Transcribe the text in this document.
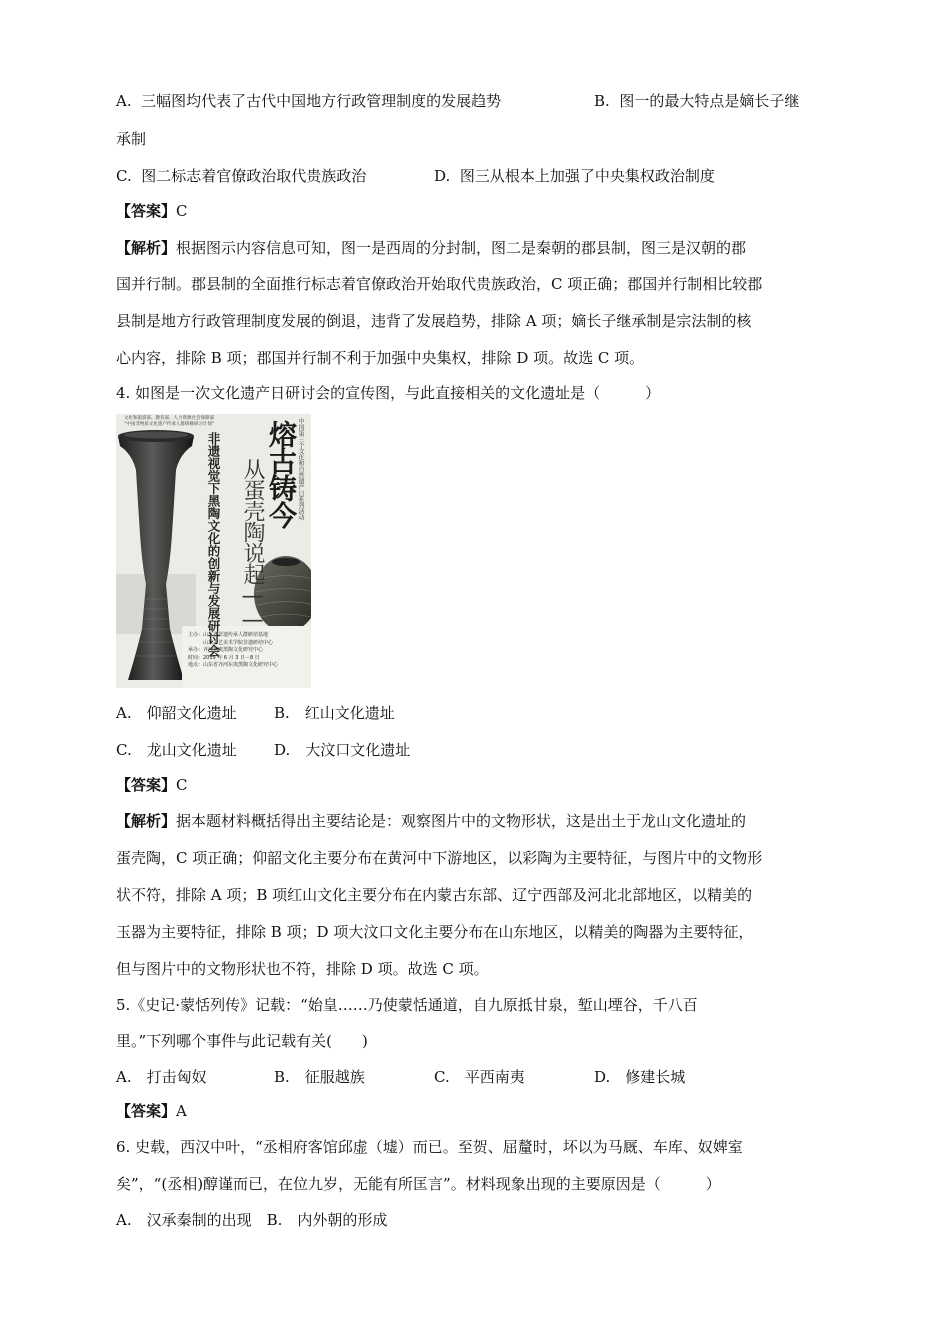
A. 三幅图均代表了古代中国地方行政管理制度的发展趋势	B. 图一的最大特点是嫡长子继
承制
C. 图二标志着官僚政治取代贵族政治	D. 图三从根本上加强了中央集权政治制度
【答案】C
【解析】根据图示内容信息可知，图一是西周的分封制，图二是秦朝的郡县制，图三是汉朝的郡
国并行制。郡县制的全面推行标志着官僚政治开始取代贵族政治，C 项正确；郡国并行制相比较郡
县制是地方行政管理制度发展的倒退，违背了发展趋势，排除 A 项；嫡长子继承制是宗法制的核
心内容，排除 B 项；郡国并行制不利于加强中央集权，排除 D 项。故选 C 项。
4. 如图是一次文化遗产日研讨会的宣传图，与此直接相关的文化遗址是（　　　）
文化和旅游部、教育部、人力资源社会保障部
“中国非物质文化遗产传承人群研修研习计划” 熔古铸今
从蛋壳陶说起——
非遗视觉下黑陶文化的创新与发展研讨会	中国第三个文化和自然遗产日系列活动
主办：山东省非遗传承人群研培基地
　　　山东工艺美术学院非遗研培中心
承办：齐河东夷黑陶文化研究中心
时间：2019 年 6 月 3 日－8 日
地点：山东省齐河东夷黑陶文化研究中心
A.　仰韶文化遗址 B.　红山文化遗址
C.　龙山文化遗址 D.　大汶口文化遗址
【答案】C
【解析】据本题材料概括得出主要结论是：观察图片中的文物形状，这是出土于龙山文化遗址的
蛋壳陶，C 项正确；仰韶文化主要分布在黄河中下游地区，以彩陶为主要特征，与图片中的文物形
状不符，排除 A 项；B 项红山文化主要分布在内蒙古东部、辽宁西部及河北北部地区，以精美的
玉器为主要特征，排除 B 项；D 项大汶口文化主要分布在山东地区，以精美的陶器为主要特征，
但与图片中的文物形状也不符，排除 D 项。故选 C 项。
5.《史记·蒙恬列传》记载：“始皇……乃使蒙恬通道，自九原抵甘泉，堑山堙谷，千八百
里。”下列哪个事件与此记载有关(　　)
A.　打击匈奴	B.　征服越族	C.　平西南夷	D.　修建长城
【答案】A
6. 史载，西汉中叶，“丞相府客馆邱虚（墟）而已。至贺、屈釐时，坏以为马厩、车库、奴婢室
矣”，“(丞相)醇谨而已，在位九岁，无能有所匡言”。材料现象出现的主要原因是（　　　）
A.　汉承秦制的出现　B.　内外朝的形成
